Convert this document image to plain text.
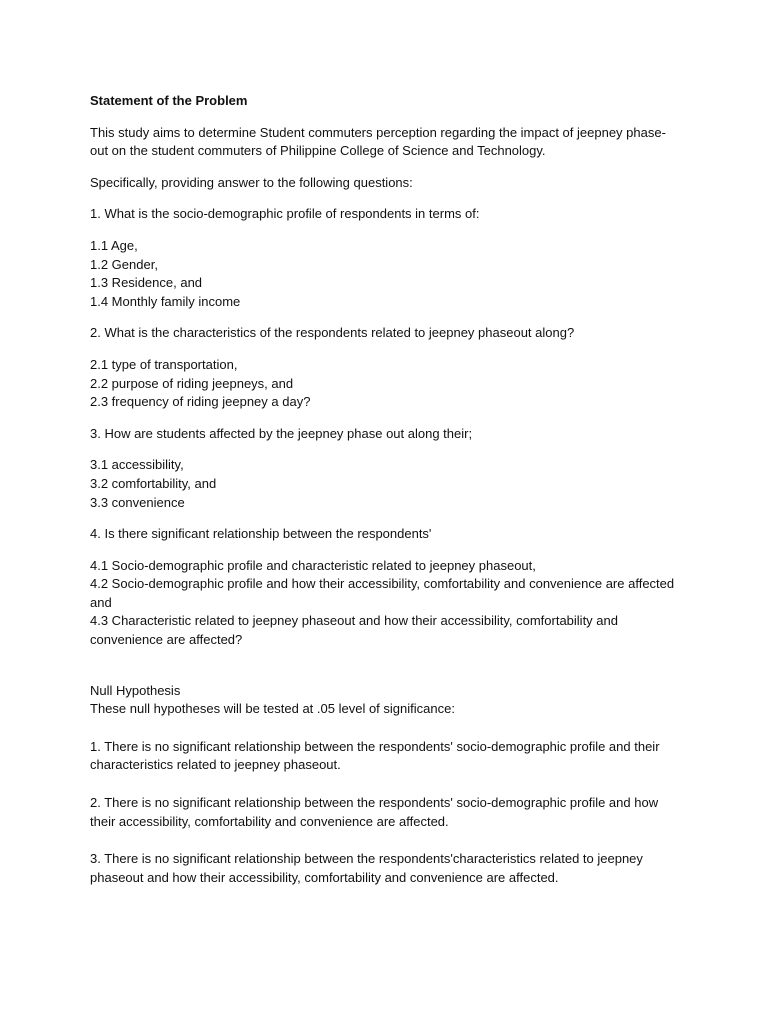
Statement of the Problem

This study aims to determine Student commuters perception regarding the impact of jeepney phase-out on the student commuters of Philippine College of Science and Technology.

Specifically, providing answer to the following questions:

1. What is the socio-demographic profile of respondents in terms of:

1.1 Age,
1.2 Gender,
1.3 Residence, and
1.4 Monthly family income

2. What is the characteristics of the respondents related to jeepney phaseout along?

2.1 type of transportation,
2.2 purpose of riding jeepneys, and
2.3 frequency of riding jeepney a day?

3. How are students affected by the jeepney phase out along their;

3.1 accessibility,
3.2 comfortability, and
3.3 convenience

4. Is there significant relationship between the respondents'

4.1 Socio-demographic profile and characteristic related to jeepney phaseout,
4.2 Socio-demographic profile and how their accessibility, comfortability and convenience are affected and
4.3 Characteristic related to jeepney phaseout and how their accessibility, comfortability and convenience are affected?

Null Hypothesis

These null hypotheses will be tested at .05 level of significance:

1. There is no significant relationship between the respondents' socio-demographic profile and their characteristics related to jeepney phaseout.

2. There is no significant relationship between the respondents' socio-demographic profile and how their accessibility, comfortability and convenience are affected.

3. There is no significant relationship between the respondents'characteristics related to jeepney phaseout and how their accessibility, comfortability and convenience are affected.
